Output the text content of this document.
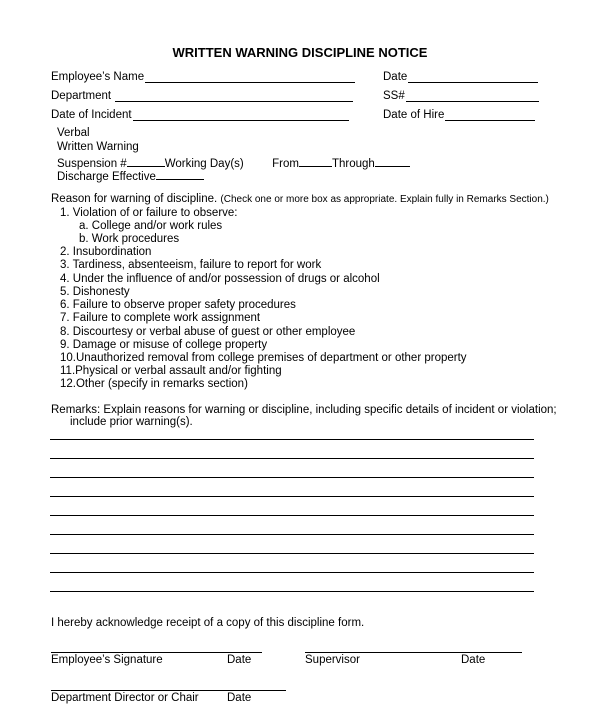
WRITTEN WARNING DISCIPLINE NOTICE
Employee’s Name	Date
Department	SS#
Date of Incident	Date of Hire
Verbal
Written Warning
Suspension #	Working Day(s) From	Through
Discharge Effective
Reason for warning of discipline. (Check one or more box as appropriate. Explain fully in Remarks Section.)
1. Violation of or failure to observe:
a. College and/or work rules
b. Work procedures
2. Insubordination
3. Tardiness, absenteeism, failure to report for work
4. Under the influence of and/or possession of drugs or alcohol
5. Dishonesty
6. Failure to observe proper safety procedures
7. Failure to complete work assignment
8. Discourtesy or verbal abuse of guest or other employee
9. Damage or misuse of college property
10.Unauthorized removal from college premises of department or other property
11.Physical or verbal assault and/or fighting
12.Other (specify in remarks section)
Remarks: Explain reasons for warning or discipline, including specific details of incident or violation;
include prior warning(s).
I hereby acknowledge receipt of a copy of this discipline form.
Employee’s Signature	Date	Supervisor	Date
Department Director or Chair Date
